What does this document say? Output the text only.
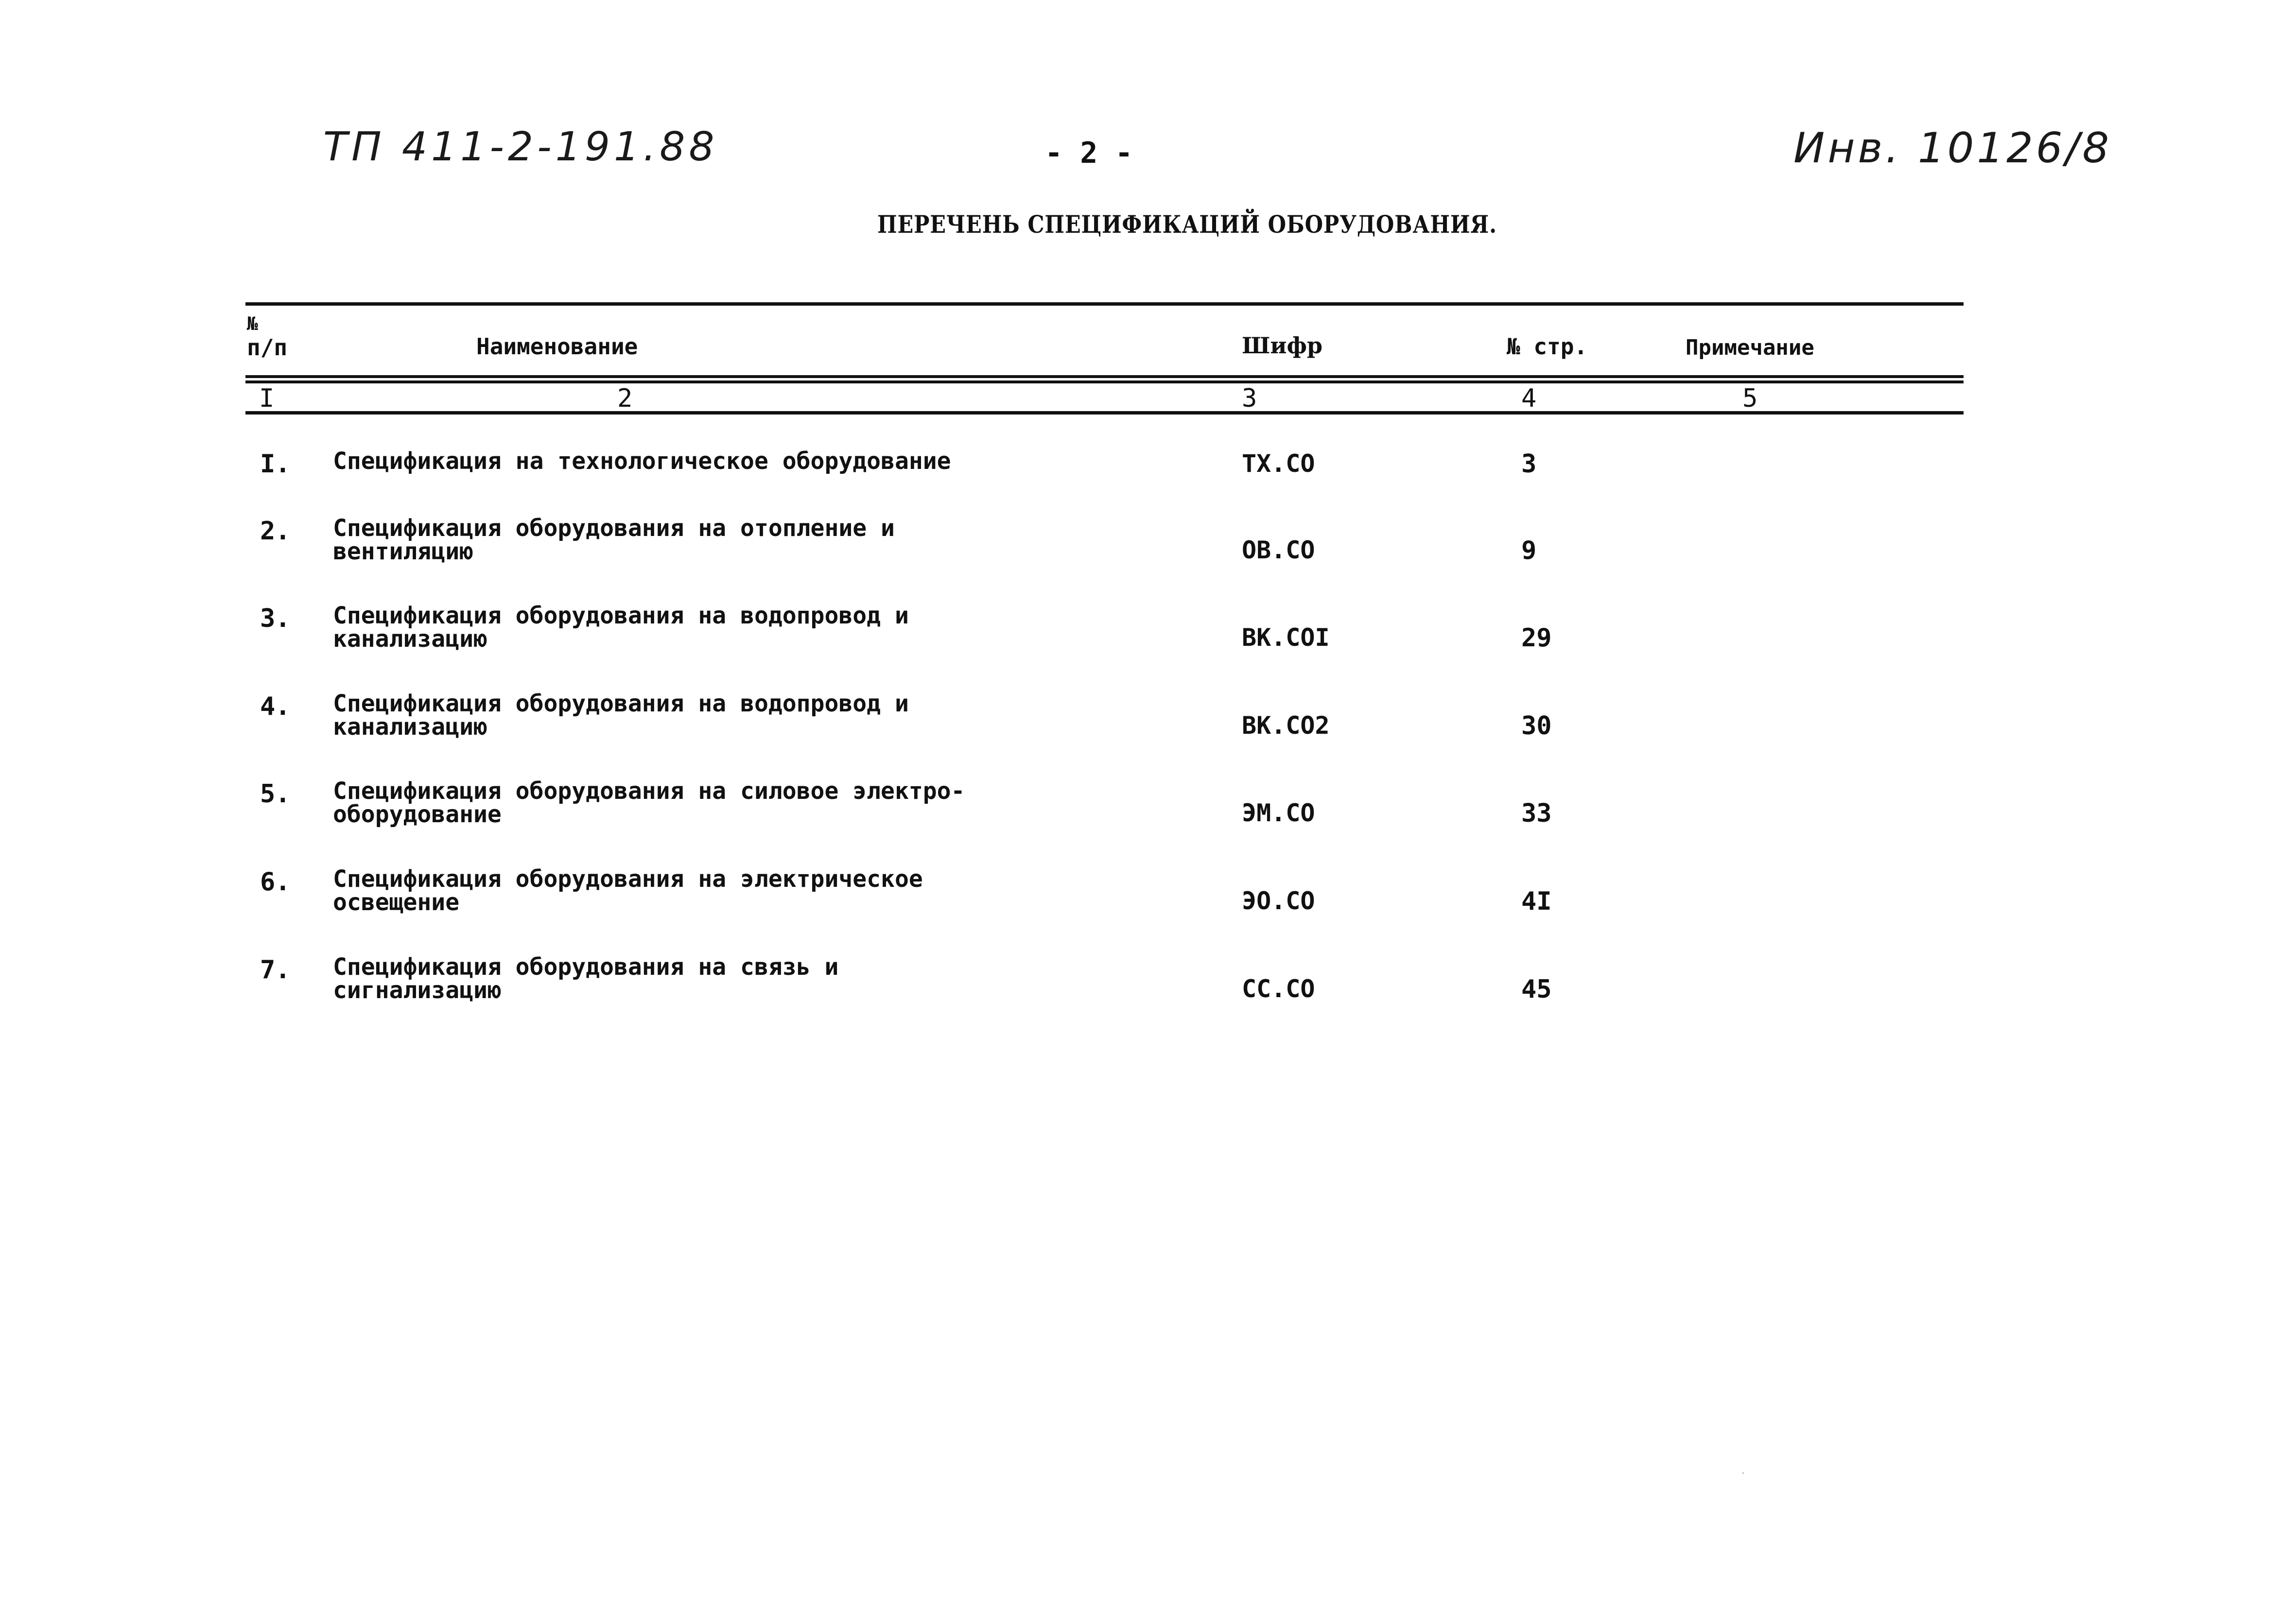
ТП 411-2-191.88	- 2 -	Инв. 10126/8
ПЕРЕЧЕНЬ СПЕЦИФИКАЦИЙ ОБОРУДОВАНИЯ.
№
п/п	Наименование	Шифр	№ стр.	Примечание
I	2	3	4	5
I. Спецификация на технологическое оборудование	ТХ.СО	3
2. Спецификация оборудования на отопление и вентиляцию	ОВ.СО	9
3. Спецификация оборудования на водопровод и канализацию	ВК.СОI	29
4. Спецификация оборудования на водопровод и канализацию	ВК.СО2	30
5. Спецификация оборудования на силовое электро-оборудование	ЭМ.СО	33
6. Спецификация оборудования на электрическое освещение	ЭО.СО	4I
7. Спецификация оборудования на связь и сигнализацию	СС.СО	45
